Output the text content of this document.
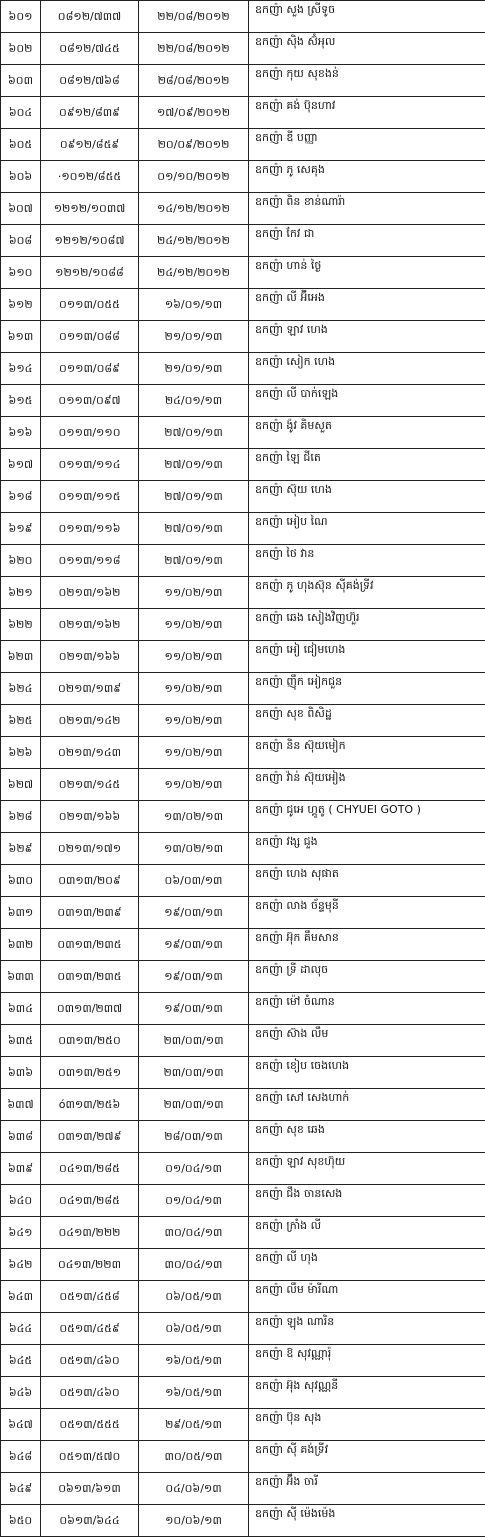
៦០១	០៨១២/៧៣៧	២២/០៨/២០១២	ឧកញ៉ា សួង ស្រីទូច
៦០២	០៨១២/៧៤៥	២២/០៨/២០១២	ឧកញ៉ា ស៊ិង ស៊ំអុល
៦០៣	០៨១២/៧៦៨	២៨/០៨/២០១២	ឧកញ៉ា កុយ សុខងន់
៦០៤	០៩១២/៨៣៩	១៧/០៩/២០១២	ឧកញ៉ា គង់ ប៊ុនហាវ
៦០៥	០៩១២/៨៥៩	២០/០៩/២០១២	ឧកញ៉ា ឌី បញ្ញា
៦០៦	·១០១២/៨៥៥	០១/១០/២០១២	ឧកញ៉ា ភូ សេគុង
៦០៧	១២១២/១០៣៧	១៤/១២/២០១២	ឧកញ៉ា ពិន ខាន់ណារ៉ា
៦០៨	១២១២/១០៨៧	២៤/១២/២០១២	ឧកញ៉ា កែវ ជា
៦១០	១២១២/១០៨៨	២៤/១២/២០១២	ឧកញ៉ា ហាន់ ថ្ងៃ
៦១២	០១១៣/០៥៥	១៦/០១/១៣	ឧកញ៉ា លី អ៊ីអេង
៦១៣	០១១៣/០៨៨	២១/០១/១៣	ឧកញ៉ា ឡាវ ហេង
៦១៤	០១១៣/០៨៩	២១/០១/១៣	ឧកញ៉ា សៀក ហេង
៦១៥	០១១៣/០៩៧	២៤/០១/១៣	ឧកញ៉ា លី បាក់ឡេង
៦១៦	០១១៣/១១០	២៧/០១/១៣	ឧកញ៉ា ង៉ូវ គិមសួត
៦១៧	០១១៣/១១៤	២៧/០១/១៣	ឧកញ៉ា ឡៃ ជីតេ
៦១៨	០១១៣/១១៥	២៧/០១/១៣	ឧកញ៉ា ស៊ុយ ហេង
៦១៩	០១១៣/១១៦	២៧/០១/១៣	ឧកញ៉ា អៀប ណៃ
៦២០	០១១៣/១១៨	២៧/០១/១៣	ឧកញ៉ា ថៃ វាន
៦២១	០២១៣/១៦២	១១/០២/១៣	ឧកញ៉ា ភូ ហុងស៊ុន ស៊ីគង់ទ្រីវ
៦២២	០២១៣/១៦២	១១/០២/១៣	ឧកញ៉ា ឆេង សៀងវិញហ៊ួរ
៦២៣	០២១៣/១៦៦	១១/០២/១៣	ឧកញ៉ា អៀ ជៀមហេង
៦២៤	០២១៣/១៣៩	១១/០២/១៣	ឧកញ៉ា ញ៉ឹក អៀកជួន
៦២៥	០២១៣/១៤២	១១/០២/១៣	ឧកញ៉ា សុខ ពិសិដ្ឋ
៦២៦	០២១៣/១៤៣	១១/០២/១៣	ឧកញ៉ា និន ស៊ុយមៀក
៦២៧	០២១៣/១៤៥	១១/០២/១៣	ឧកញ៉ា វ៉ាន់ ស៊ុយអៀង
៦២៨	០២១៣/១៦៦	១៣/០២/១៣	ឧកញ៉ា ជូអេ ហ្គូតូ ( CHYUEI GOTO )
៦២៩	០២១៣/១៧១	១៣/០២/១៣	ឧកញ៉ា វង្ស ជួង
៦៣០	០៣១៣/២០៩	០៦/០៣/១៣	ឧកញ៉ា ហេង សុផាត
៦៣១	០៣១៣/២៣៩	១៩/០៣/១៣	ឧកញ៉ា លាង ច័ន្ទមុនី
៦៣២	០៣១៣/២៣៥	១៩/០៣/១៣	ឧកញ៉ា អ៊ុក គឹមសាន
៦៣៣	០៣១៣/២៣៥	១៩/០៣/១៣	ឧកញ៉ា ទ្រី ដាលុច
៦៣៤	០៣១៣/២៣៧	១៩/០៣/១៣	ឧកញ៉ា ម៉ៅ ចំណាន
៦៣៥	០៣១៣/២៥០	២៣/០៣/១៣	ឧកញ៉ា ស៊ាង លឹម
៦៣៦	០៣១៣/២៥១	២៣/០៣/១៣	ឧកញ៉ា ខៀប ចេងហេង
៦៣៧	ó៣១៣/២៥៦	២៣/០៣/១៣	ឧកញ៉ា សៅ សេងហាក់
៦៣៨	០៣១៣/២៧៩	២៨/០៣/១៣	ឧកញ៉ា សុខ ឆេង
៦៣៩	០៤១៣/២៨៥	០១/០៤/១៣	ឧកញ៉ា ឡាវ សុខហ៊ុយ
៦៤០	០៤១៣/២៨៥	០១/០៤/១៣	ឧកញ៉ា ជឹង ចានសេង
៦៤១	០៤១៣/២២២	៣០/០៤/១៣	ឧកញ៉ា ក្រាំង លី
៦៤២	០៤១៣/២២៣	៣០/០៤/១៣	ឧកញ៉ា លី ហុង
៦៤៣	០៥១៣/៤៥៨	០៦/០៥/១៣	ឧកញ៉ា លឹម ម៉ារីណា
៦៤៤	០៥១៣/៤៥៩	០៦/០៥/១៣	ឧកញ៉ា ឡុង ណារិន
៦៤៥	០៥១៣/៤៦០	១៦/០៥/១៣	ឧកញ៉ា ឱ សុវណ្ណារ៉ុ
៦៤៦	០៥១៣/៤៦០	១៦/០៥/១៣	ឧកញ៉ា អ៊ុង សុវណ្ណនី
៦៤៧	០៥១៣/៥៥៥	២៩/០៥/១៣	ឧកញ៉ា ប៊ុន សុង
៦៤៨	០៥១៣/៥៧០	៣០/០៥/១៣	ឧកញ៉ា ស៊ី គង់ទ្រីវ
៦៤៩	០៦១៣/៦១៣	០៤/០៦/១៣	ឧកញ៉ា អ៊ឹង ចារី
៦៥០	០៦១៣/៦៤៤	១០/០៦/១៣	ឧកញ៉ា ស៊ី ម៉េងម៉េង
